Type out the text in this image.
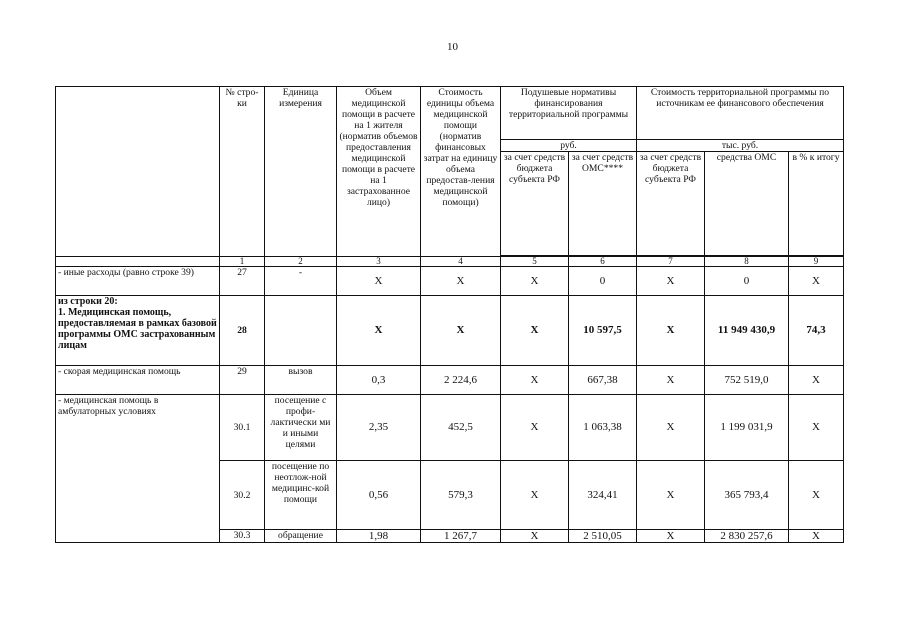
10
	№ стро-ки	Единица измерения	Объем медицинской помощи в расчете на 1 жителя (норматив объемов предоставления медицинской помощи в расчете на 1 застрахованное лицо)	Стоимость единицы объема медицинской помощи (норматив финансовых затрат на единицу объема предостав-ления медицинской помощи)	Подушевые нормативы финансирования территориальной программы		Стоимость территориальной программы по источникам ее финансового обеспечения		
					руб.		тыс. руб.		
					за счет средств бюджета субъекта РФ	за счет средств ОМС****	за счет средств бюджета субъекта РФ	средства ОМС	в % к итогу

	1	2	3	4	5	6	7	8	9
- иные расходы (равно строке 39)	27	-	Х	Х	Х	0	Х	0	Х
из строки 20:
1. Медицинская помощь, предоставляемая в рамках базовой программы ОМС застрахованным лицам	28		Х	Х	Х	10 597,5	Х	11 949 430,9	74,3
- скорая медицинская помощь	29	вызов	0,3	2 224,6	Х	667,38	Х	752 519,0	Х
- медицинская помощь в амбулаторных условиях	30.1	посещение с профи-лактически ми и иными целями	2,35	452,5	Х	1 063,38	Х	1 199 031,9	Х
	30.2	посещение по неотлож-ной медицинс-кой помощи	0,56	579,3	Х	324,41	Х	365 793,4	Х
	30.3	обращение	1,98	1 267,7	Х	2 510,05	Х	2 830 257,6	Х
